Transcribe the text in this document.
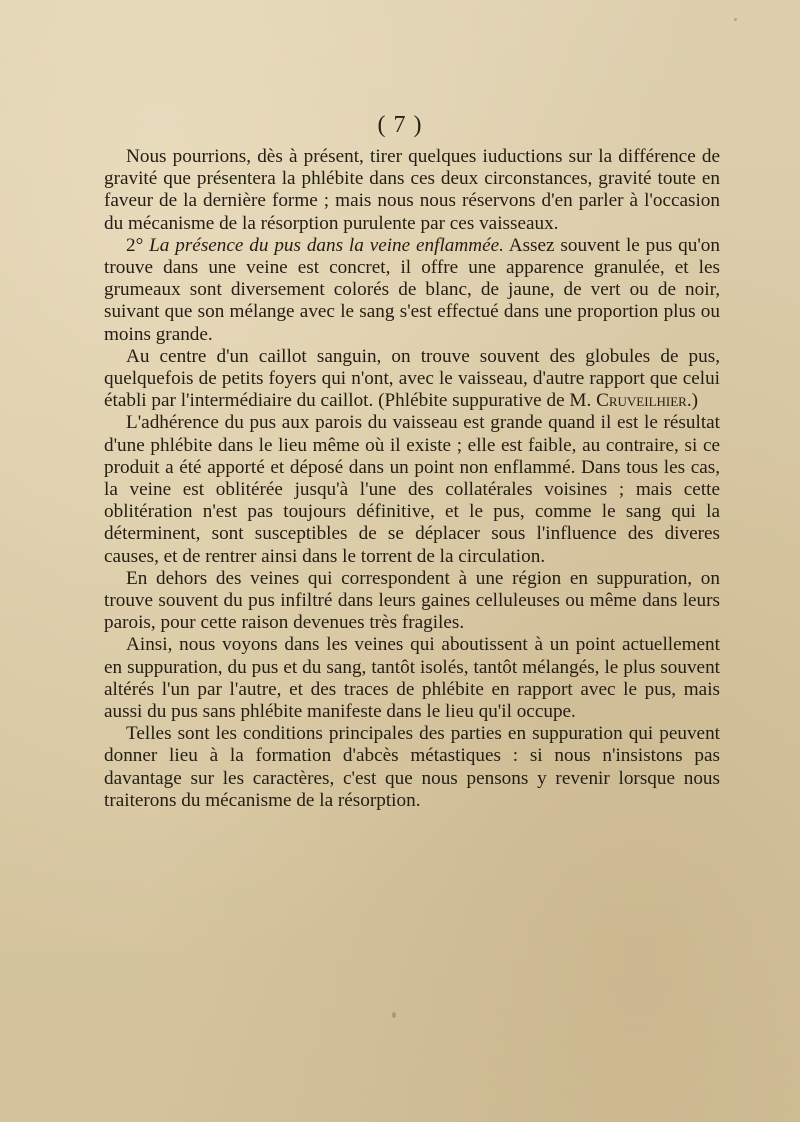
( 7 )

Nous pourrions, dès à présent, tirer quelques iuductions sur la différence de gravité que présentera la phlébite dans ces deux circonstances, gravité toute en faveur de la dernière forme ; mais nous nous réservons d'en parler à l'occasion du mécanisme de la résorption purulente par ces vaisseaux.

2° La présence du pus dans la veine enflammée. Assez souvent le pus qu'on trouve dans une veine est concret, il offre une apparence granulée, et les grumeaux sont diversement colorés de blanc, de jaune, de vert ou de noir, suivant que son mélange avec le sang s'est effectué dans une proportion plus ou moins grande.

Au centre d'un caillot sanguin, on trouve souvent des globules de pus, quelquefois de petits foyers qui n'ont, avec le vaisseau, d'autre rapport que celui établi par l'intermédiaire du caillot. (Phlébite suppurative de M. Cruveilhier.)

L'adhérence du pus aux parois du vaisseau est grande quand il est le résultat d'une phlébite dans le lieu même où il existe ; elle est faible, au contraire, si ce produit a été apporté et déposé dans un point non enflammé. Dans tous les cas, la veine est oblitérée jusqu'à l'une des collatérales voisines ; mais cette oblitération n'est pas toujours définitive, et le pus, comme le sang qui la déterminent, sont susceptibles de se déplacer sous l'influence des diveres causes, et de rentrer ainsi dans le torrent de la circulation.

En dehors des veines qui correspondent à une région en suppuration, on trouve souvent du pus infiltré dans leurs gaines celluleuses ou même dans leurs parois, pour cette raison devenues très fragiles.

Ainsi, nous voyons dans les veines qui aboutissent à un point actuellement en suppuration, du pus et du sang, tantôt isolés, tantôt mélangés, le plus souvent altérés l'un par l'autre, et des traces de phlébite en rapport avec le pus, mais aussi du pus sans phlébite manifeste dans le lieu qu'il occupe.

Telles sont les conditions principales des parties en suppuration qui peuvent donner lieu à la formation d'abcès métastiques : si nous n'insistons pas davantage sur les caractères, c'est que nous pensons y revenir lorsque nous traiterons du mécanisme de la résorption.
